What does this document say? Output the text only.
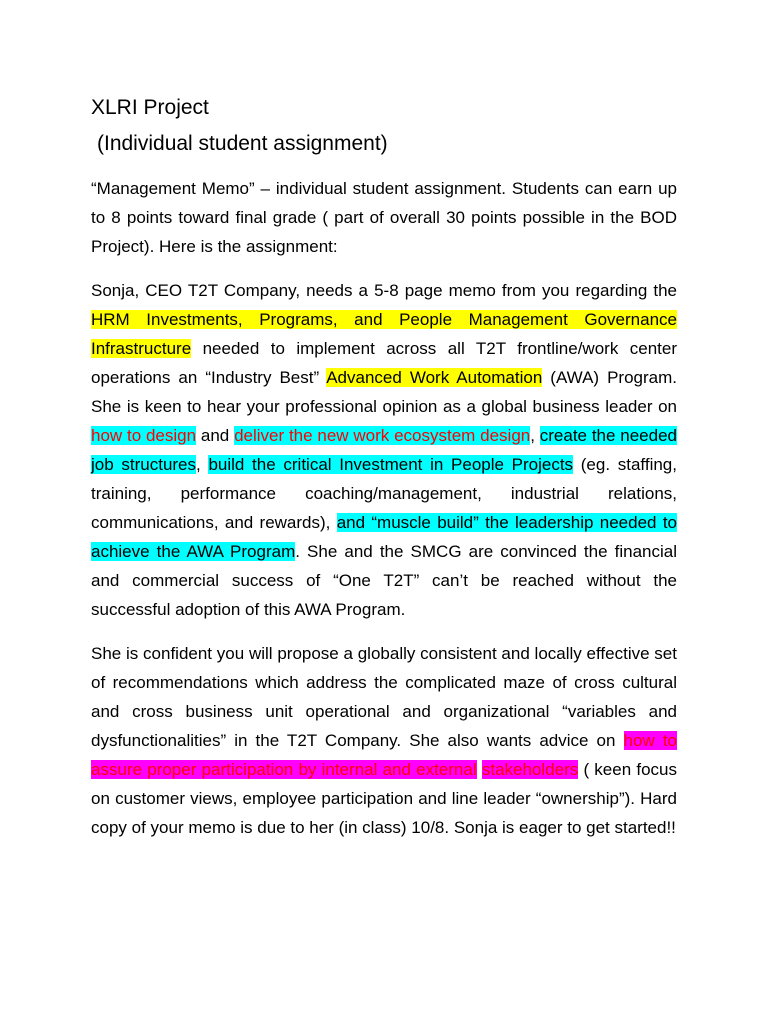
XLRI Project
(Individual student assignment)

“Management Memo” – individual student assignment. Students can earn up to 8 points toward final grade ( part of overall 30 points possible in the BOD Project). Here is the assignment:

Sonja, CEO T2T Company, needs a 5-8 page memo from you regarding the HRM Investments, Programs, and People Management Governance Infrastructure needed to implement across all T2T frontline/work center operations an “Industry Best” Advanced Work Automation (AWA) Program. She is keen to hear your professional opinion as a global business leader on how to design and deliver the new work ecosystem design, create the needed job structures, build the critical Investment in People Projects (eg. staffing, training, performance coaching/management, industrial relations, communications, and rewards), and “muscle build” the leadership needed to achieve the AWA Program. She and the SMCG are convinced the financial and commercial success of “One T2T” can’t be reached without the successful adoption of this AWA Program.

She is confident you will propose a globally consistent and locally effective set of recommendations which address the complicated maze of cross cultural and cross business unit operational and organizational “variables and dysfunctionalities” in the T2T Company. She also wants advice on how to assure proper participation by internal and external stakeholders ( keen focus on customer views, employee participation and line leader “ownership”). Hard copy of your memo is due to her (in class) 10/8. Sonja is eager to get started!!
